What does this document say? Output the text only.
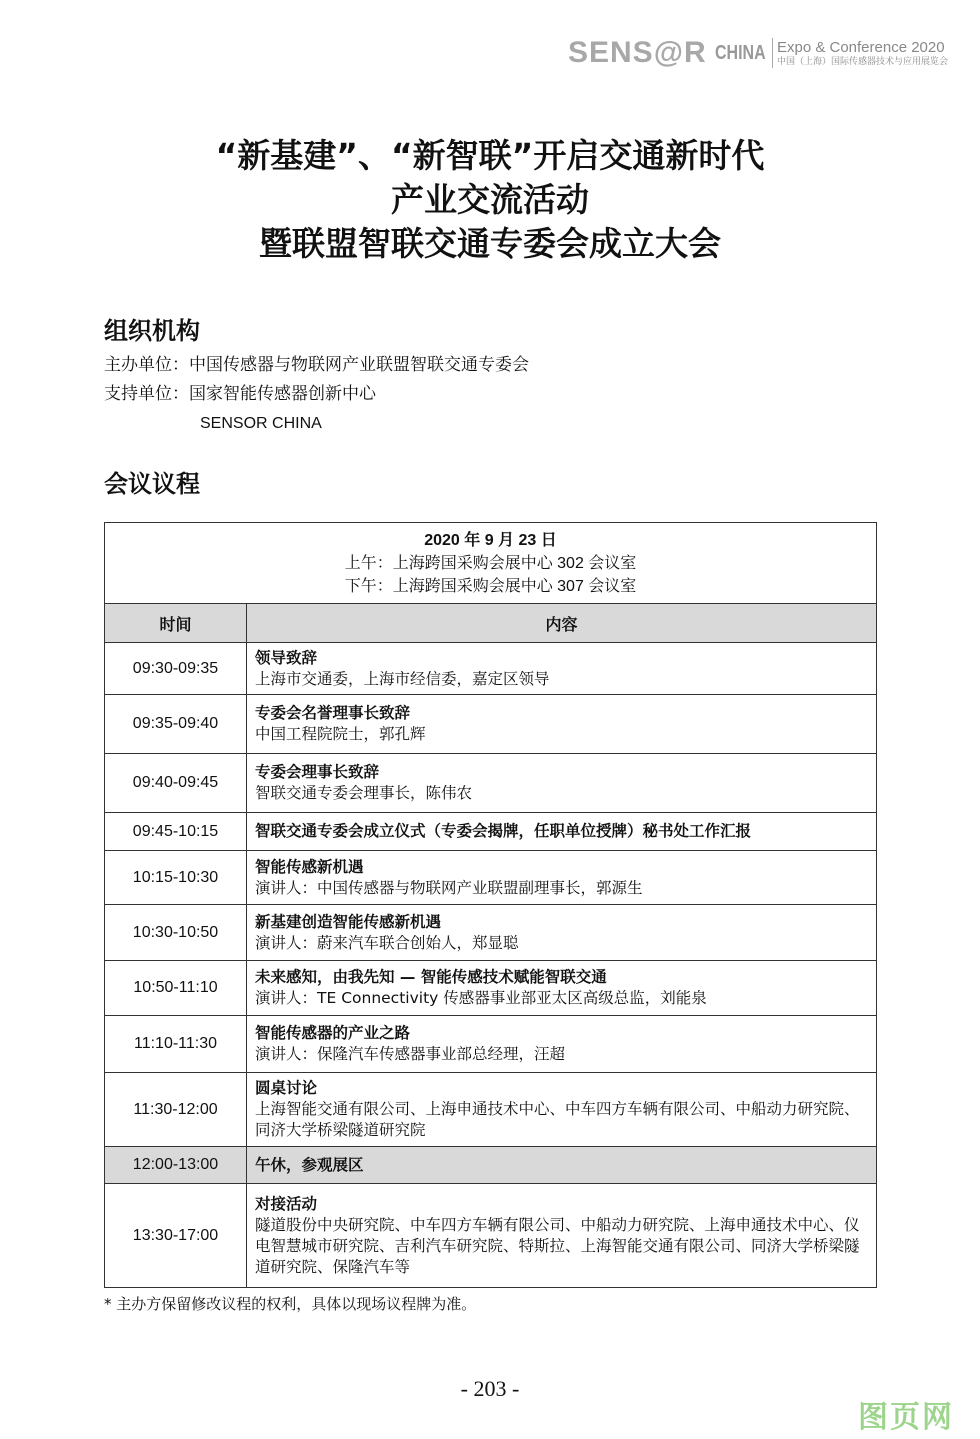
SENS@R CHINA Expo & Conference 2020
中国（上海）国际传感器技术与应用展览会
“新基建”、“新智联”开启交通新时代
产业交流活动
暨联盟智联交通专委会成立大会
组织机构
主办单位：中国传感器与物联网产业联盟智联交通专委会
支持单位：国家智能传感器创新中心
SENSOR CHINA
会议议程
2020 年 9 月 23 日
上午：上海跨国采购会展中心 302 会议室
下午：上海跨国采购会展中心 307 会议室	

时间	内容
09:30-09:35	领导致辞
上海市交通委，上海市经信委，嘉定区领导
09:35-09:40	专委会名誉理事长致辞
中国工程院院士，郭孔辉
09:40-09:45	专委会理事长致辞
智联交通专委会理事长，陈伟农
09:45-10:15	智联交通专委会成立仪式（专委会揭牌，任职单位授牌）秘书处工作汇报

10:15-10:30	智能传感新机遇
演讲人：中国传感器与物联网产业联盟副理事长，郭源生
10:30-10:50	新基建创造智能传感新机遇
演讲人：蔚来汽车联合创始人，郑显聪
10:50-11:10	未来感知，由我先知 — 智能传感技术赋能智联交通
演讲人：TE Connectivity 传感器事业部亚太区高级总监，刘能泉
11:10-11:30	智能传感器的产业之路
演讲人：保隆汽车传感器事业部总经理，汪超
11:30-12:00	圆桌讨论
上海智能交通有限公司、上海申通技术中心、中车四方车辆有限公司、中船动力研究院、同济大学桥梁隧道研究院
12:00-13:00	午休，参观展区

13:30-17:00	对接活动
隧道股份中央研究院、中车四方车辆有限公司、中船动力研究院、上海申通技术中心、仪电智慧城市研究院、吉利汽车研究院、特斯拉、上海智能交通有限公司、同济大学桥梁隧道研究院、保隆汽车等
* 主办方保留修改议程的权利，具体以现场议程牌为准。
- 203 -
图页网
